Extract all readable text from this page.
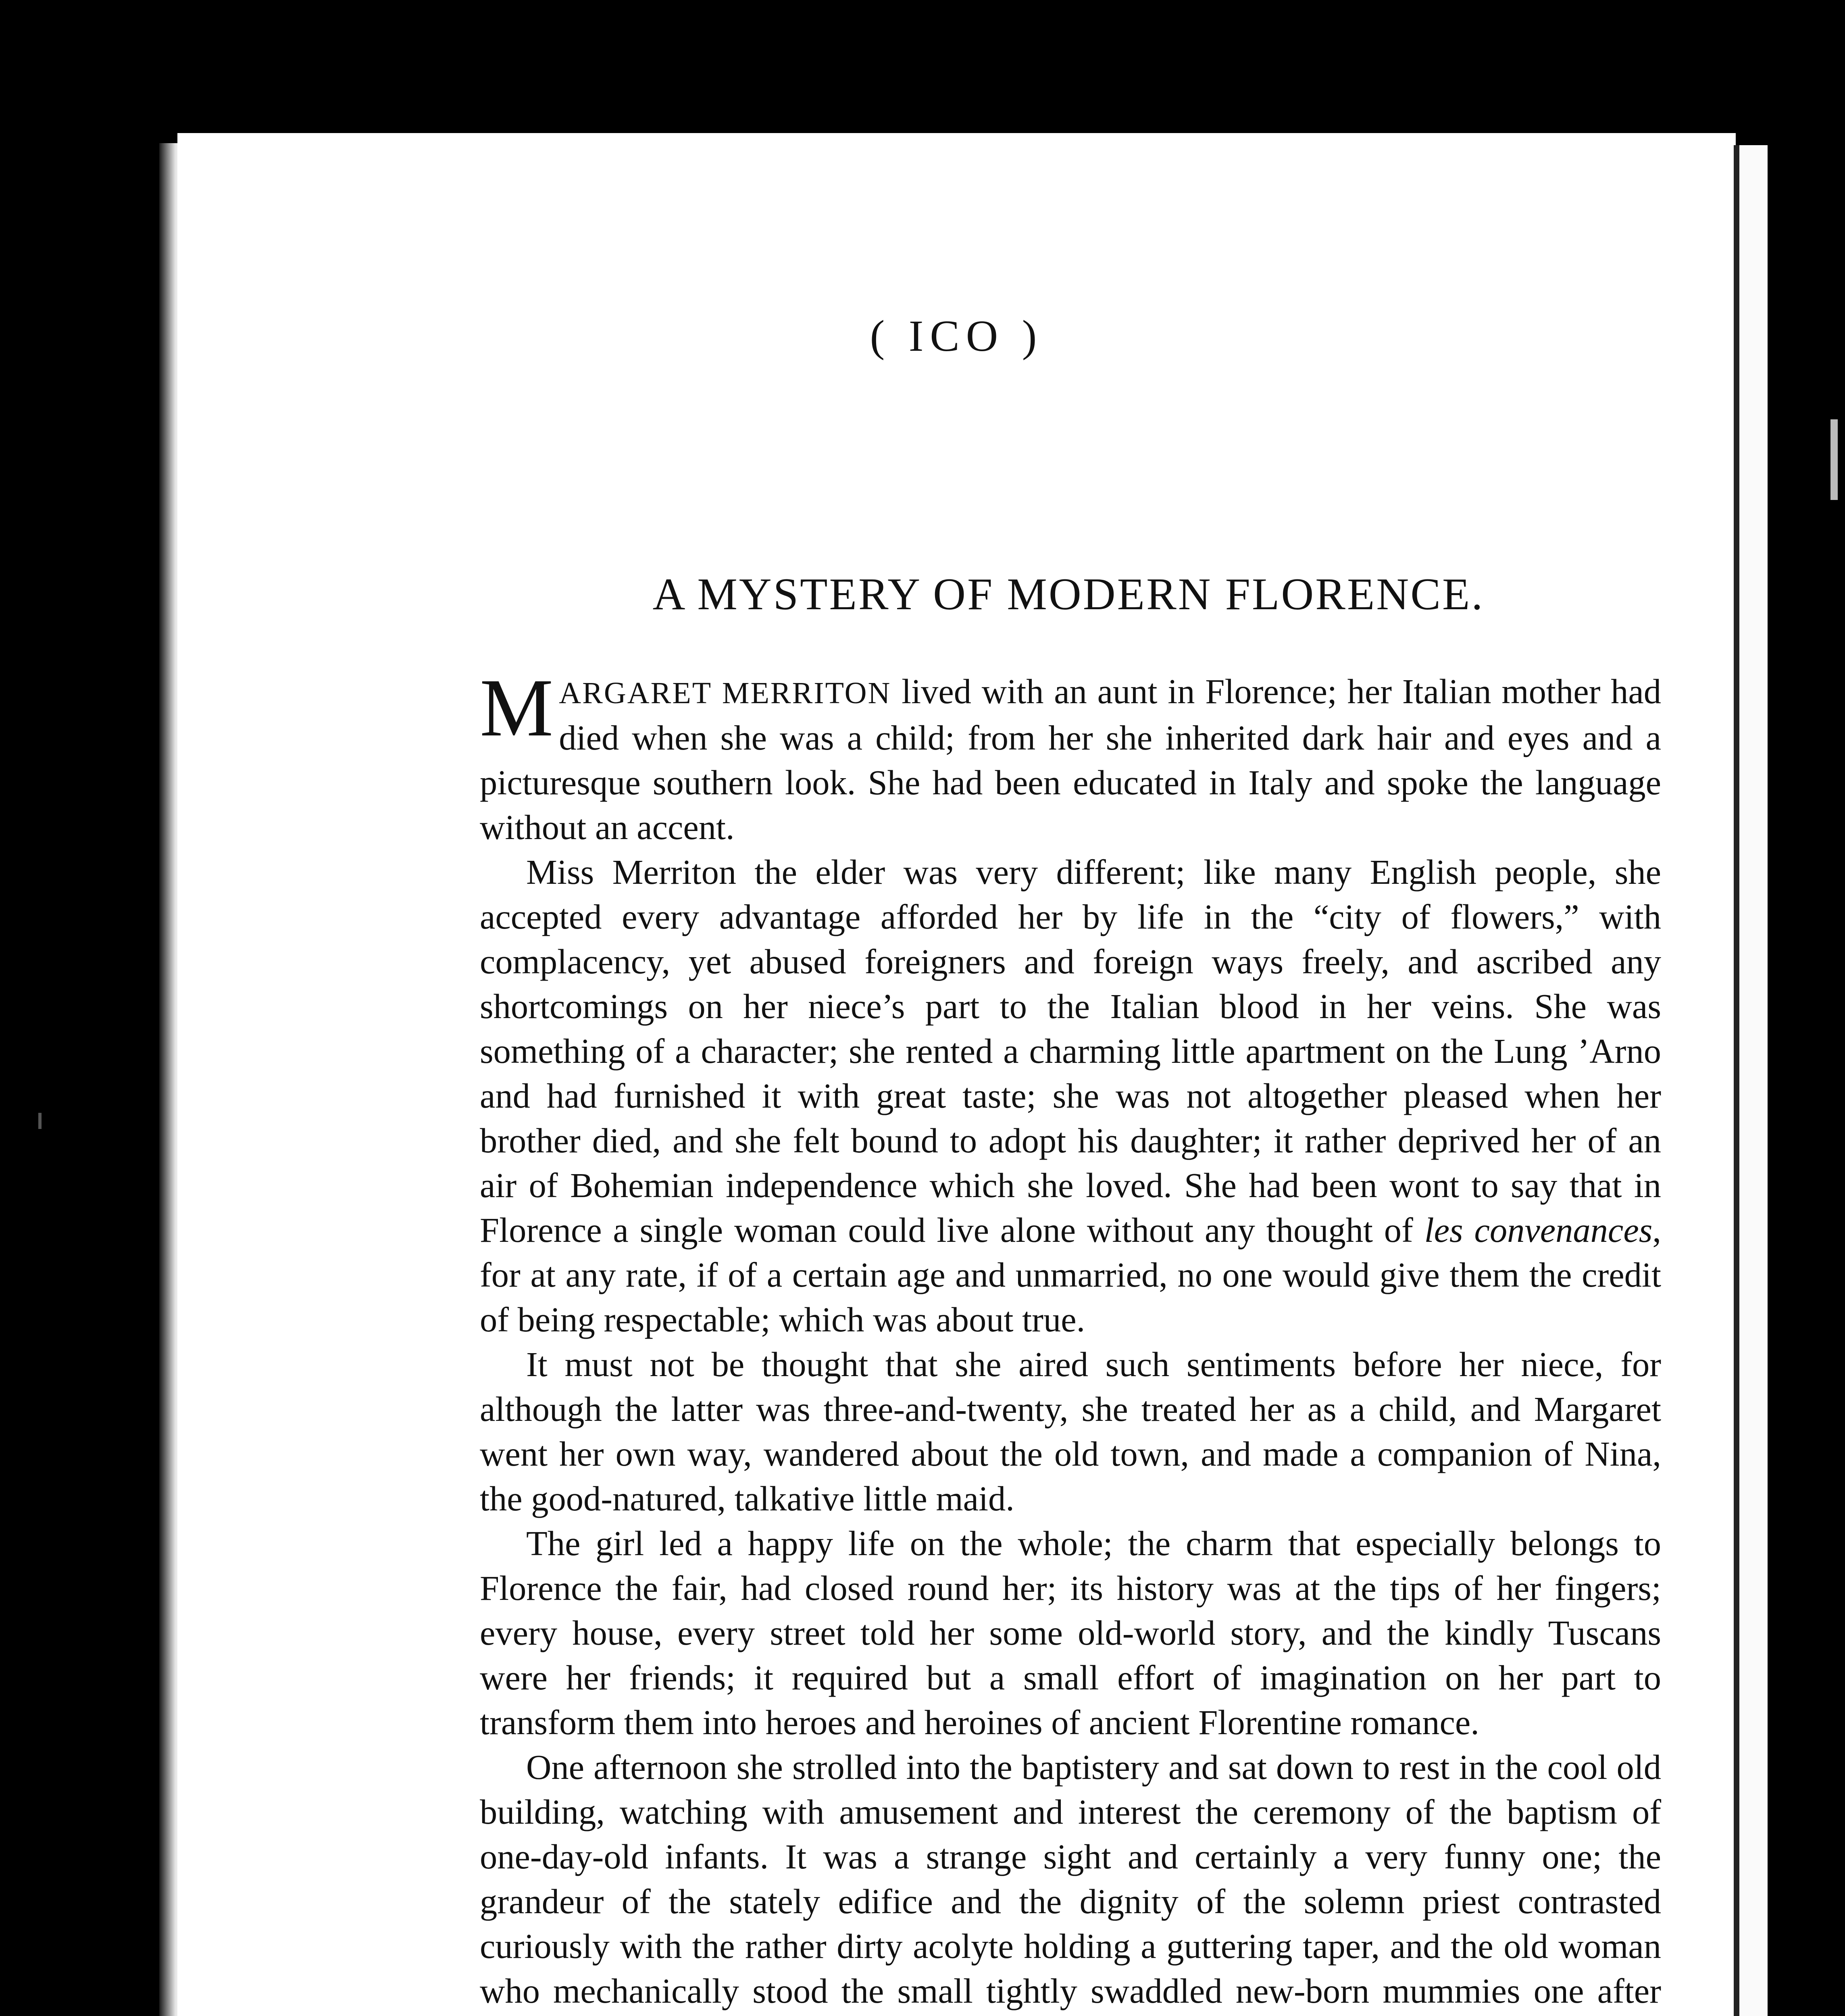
( ICO )
A MYSTERY OF MODERN FLORENCE.

MARGARET MERRITON lived with an aunt in Florence; her Italian mother had died when she was a child; from her she inherited dark hair and eyes and a picturesque southern look. She had been educated in Italy and spoke the language without an accent.

Miss Merriton the elder was very different; like many English people, she accepted every advantage afforded her by life in the “city of flowers,” with complacency, yet abused foreigners and foreign ways freely, and ascribed any shortcomings on her niece’s part to the Italian blood in her veins. She was something of a character; she rented a charming little apartment on the Lung ’Arno and had furnished it with great taste; she was not altogether pleased when her brother died, and she felt bound to adopt his daughter; it rather deprived her of an air of Bohemian independence which she loved. She had been wont to say that in Florence a single woman could live alone without any thought of les convenances, for at any rate, if of a certain age and unmarried, no one would give them the credit of being respectable; which was about true.

It must not be thought that she aired such sentiments before her niece, for although the latter was three-and-twenty, she treated her as a child, and Margaret went her own way, wandered about the old town, and made a companion of Nina, the good-natured, talkative little maid.

The girl led a happy life on the whole; the charm that especially belongs to Florence the fair, had closed round her; its history was at the tips of her fingers; every house, every street told her some old-world story, and the kindly Tuscans were her friends; it required but a small effort of imagination on her part to transform them into heroes and heroines of ancient Florentine romance.

One afternoon she strolled into the baptistery and sat down to rest in the cool old building, watching with amusement and interest the ceremony of the baptism of one-day-old infants. It was a strange sight and certainly a very funny one; the grandeur of the stately edifice and the dignity of the solemn priest contrasted curiously with the rather dirty acolyte holding a guttering taper, and the old woman who mechanically stood the small tightly swaddled new-born mummies one after
